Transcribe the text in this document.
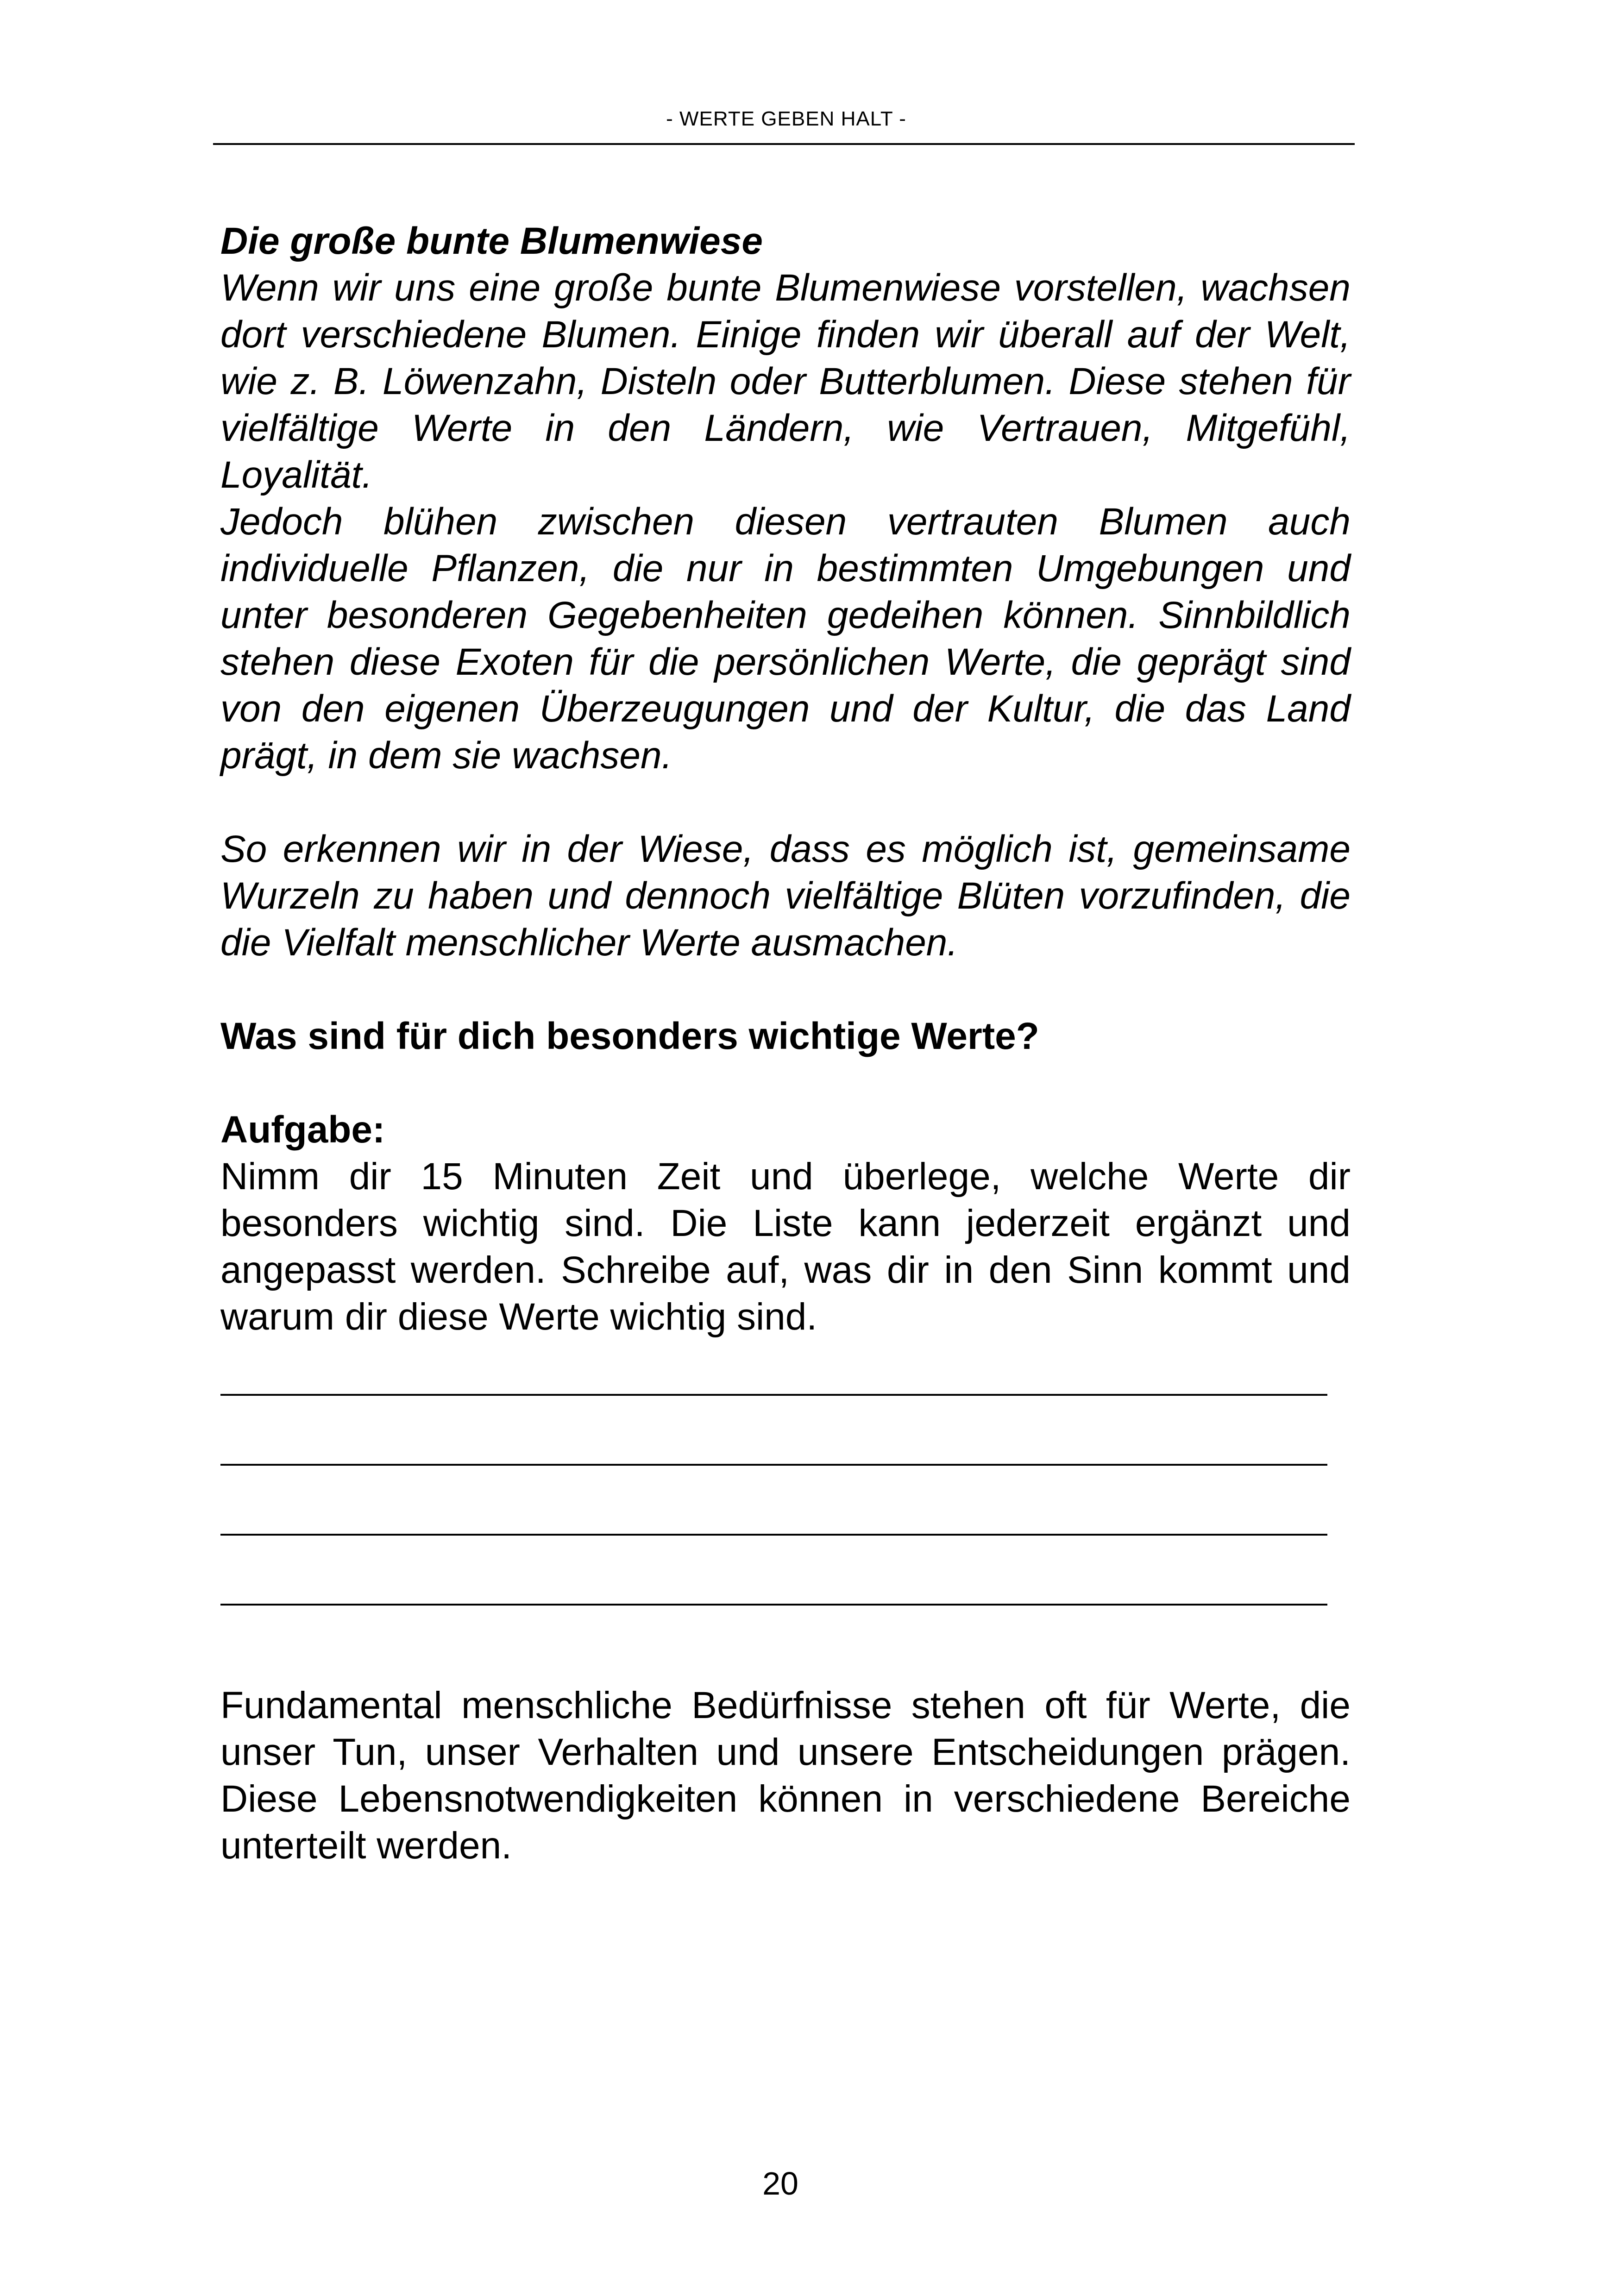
- WERTE GEBEN HALT -

Die große bunte Blumenwiese

Wenn wir uns eine große bunte Blumenwiese vorstellen, wachsen dort verschiedene Blumen. Einige finden wir überall auf der Welt, wie z. B. Löwenzahn, Disteln oder Butterblumen. Diese stehen für vielfältige Werte in den Ländern, wie Vertrauen, Mitgefühl, Loyalität.

Jedoch blühen zwischen diesen vertrauten Blumen auch individuelle Pflanzen, die nur in bestimmten Umgebungen und unter besonderen Gegebenheiten gedeihen können. Sinnbildlich stehen diese Exoten für die persönlichen Werte, die geprägt sind von den eigenen Überzeugungen und der Kultur, die das Land prägt, in dem sie wachsen.

So erkennen wir in der Wiese, dass es möglich ist, gemeinsame Wurzeln zu haben und dennoch vielfältige Blüten vorzufinden, die die Vielfalt menschlicher Werte ausmachen.

Was sind für dich besonders wichtige Werte?

Aufgabe:

Nimm dir 15 Minuten Zeit und überlege, welche Werte dir besonders wichtig sind. Die Liste kann jederzeit ergänzt und angepasst werden. Schreibe auf, was dir in den Sinn kommt und warum dir diese Werte wichtig sind.

Fundamental menschliche Bedürfnisse stehen oft für Werte, die unser Tun, unser Verhalten und unsere Entscheidungen prägen. Diese Lebensnotwendigkeiten können in verschiedene Bereiche unterteilt werden.

20
